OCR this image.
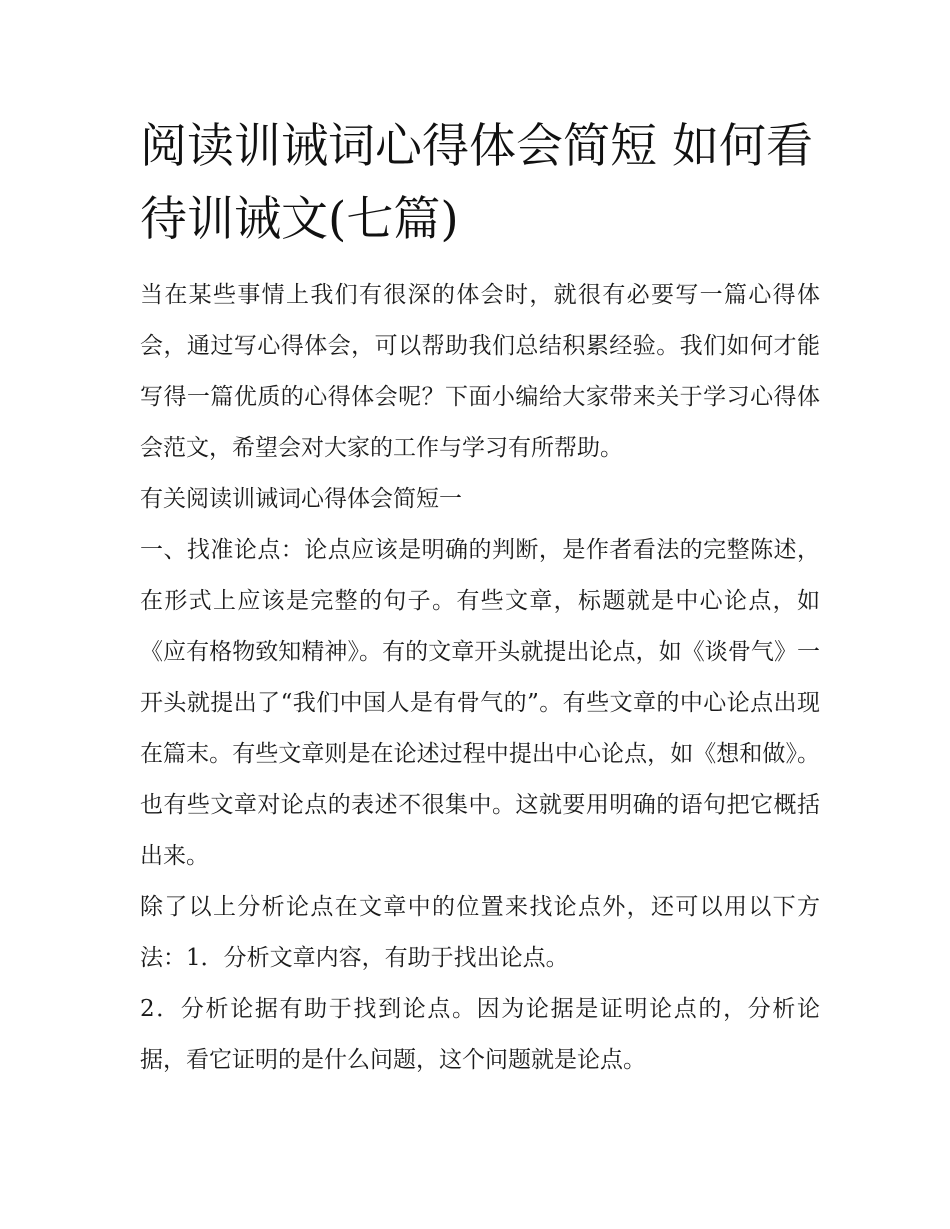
阅读训诫词心得体会简短 如何看待训诫文(七篇)

当在某些事情上我们有很深的体会时，就很有必要写一篇心得体会，通过写心得体会，可以帮助我们总结积累经验。我们如何才能写得一篇优质的心得体会呢？下面小编给大家带来关于学习心得体会范文，希望会对大家的工作与学习有所帮助。

有关阅读训诫词心得体会简短一

一、找准论点：论点应该是明确的判断，是作者看法的完整陈述，在形式上应该是完整的句子。有些文章，标题就是中心论点，如《应有格物致知精神》。有的文章开头就提出论点，如《谈骨气》一开头就提出了“我们中国人是有骨气的”。有些文章的中心论点出现在篇末。有些文章则是在论述过程中提出中心论点，如《想和做》。也有些文章对论点的表述不很集中。这就要用明确的语句把它概括出来。

除了以上分析论点在文章中的位置来找论点外，还可以用以下方法：1．分析文章内容，有助于找出论点。

2．分析论据有助于找到论点。因为论据是证明论点的，分析论据，看它证明的是什么问题，这个问题就是论点。
